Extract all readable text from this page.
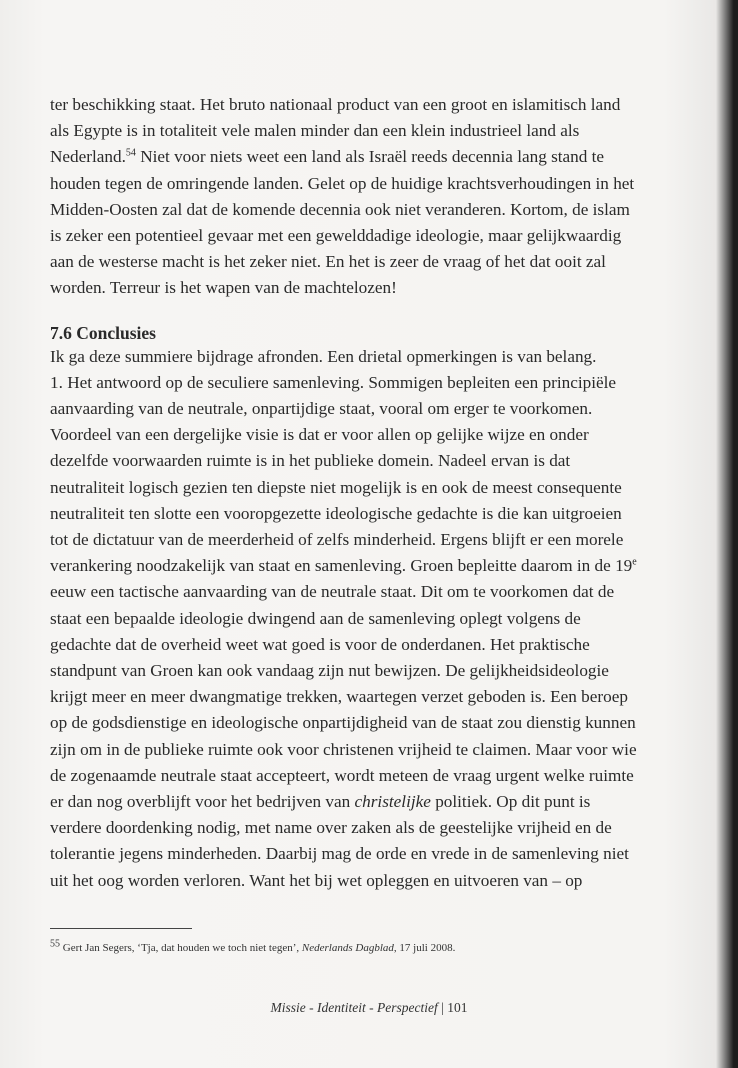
ter beschikking staat. Het bruto nationaal product van een groot en islamitisch land als Egypte is in totaliteit vele malen minder dan een klein industrieel land als Nederland.$^{54}$ Niet voor niets weet een land als Israël reeds decennia lang stand te houden tegen de omringende landen. Gelet op de huidige krachtsverhoudingen in het Midden-Oosten zal dat de komende decennia ook niet veranderen. Kortom, de islam is zeker een potentieel gevaar met een gewelddadige ideologie, maar gelijkwaardig aan de westerse macht is het zeker niet. En het is zeer de vraag of het dat ooit zal worden. Terreur is het wapen van de machtelozen!

7.6 Conclusies

Ik ga deze summiere bijdrage afronden. Een drietal opmerkingen is van belang.

1. Het antwoord op de seculiere samenleving. Sommigen bepleiten een principiële aanvaarding van de neutrale, onpartijdige staat, vooral om erger te voorkomen. Voordeel van een dergelijke visie is dat er voor allen op gelijke wijze en onder dezelfde voorwaarden ruimte is in het publieke domein. Nadeel ervan is dat neutraliteit logisch gezien ten diepste niet mogelijk is en ook de meest consequente neutraliteit ten slotte een vooropgezette ideologische gedachte is die kan uitgroeien tot de dictatuur van de meerderheid of zelfs minderheid. Ergens blijft er een morele verankering noodzakelijk van staat en samenleving. Groen bepleitte daarom in de 19e eeuw een tactische aanvaarding van de neutrale staat. Dit om te voorkomen dat de staat een bepaalde ideologie dwingend aan de samenleving oplegt volgens de gedachte dat de overheid weet wat goed is voor de onderdanen. Het praktische standpunt van Groen kan ook vandaag zijn nut bewijzen. De gelijkheidsideologie krijgt meer en meer dwangmatige trekken, waartegen verzet geboden is. Een beroep op de godsdienstige en ideologische onpartijdigheid van de staat zou dienstig kunnen zijn om in de publieke ruimte ook voor christenen vrijheid te claimen. Maar voor wie de zogenaamde neutrale staat accepteert, wordt meteen de vraag urgent welke ruimte er dan nog overblijft voor het bedrijven van christelijke politiek. Op dit punt is verdere doordenking nodig, met name over zaken als de geestelijke vrijheid en de tolerantie jegens minderheden. Daarbij mag de orde en vrede in de samenleving niet uit het oog worden verloren. Want het bij wet opleggen en uitvoeren van – op

$^{55}$ Gert Jan Segers, ‘Tja, dat houden we toch niet tegen’, Nederlands Dagblad, 17 juli 2008.
Missie - Identiteit - Perspectief | 101
